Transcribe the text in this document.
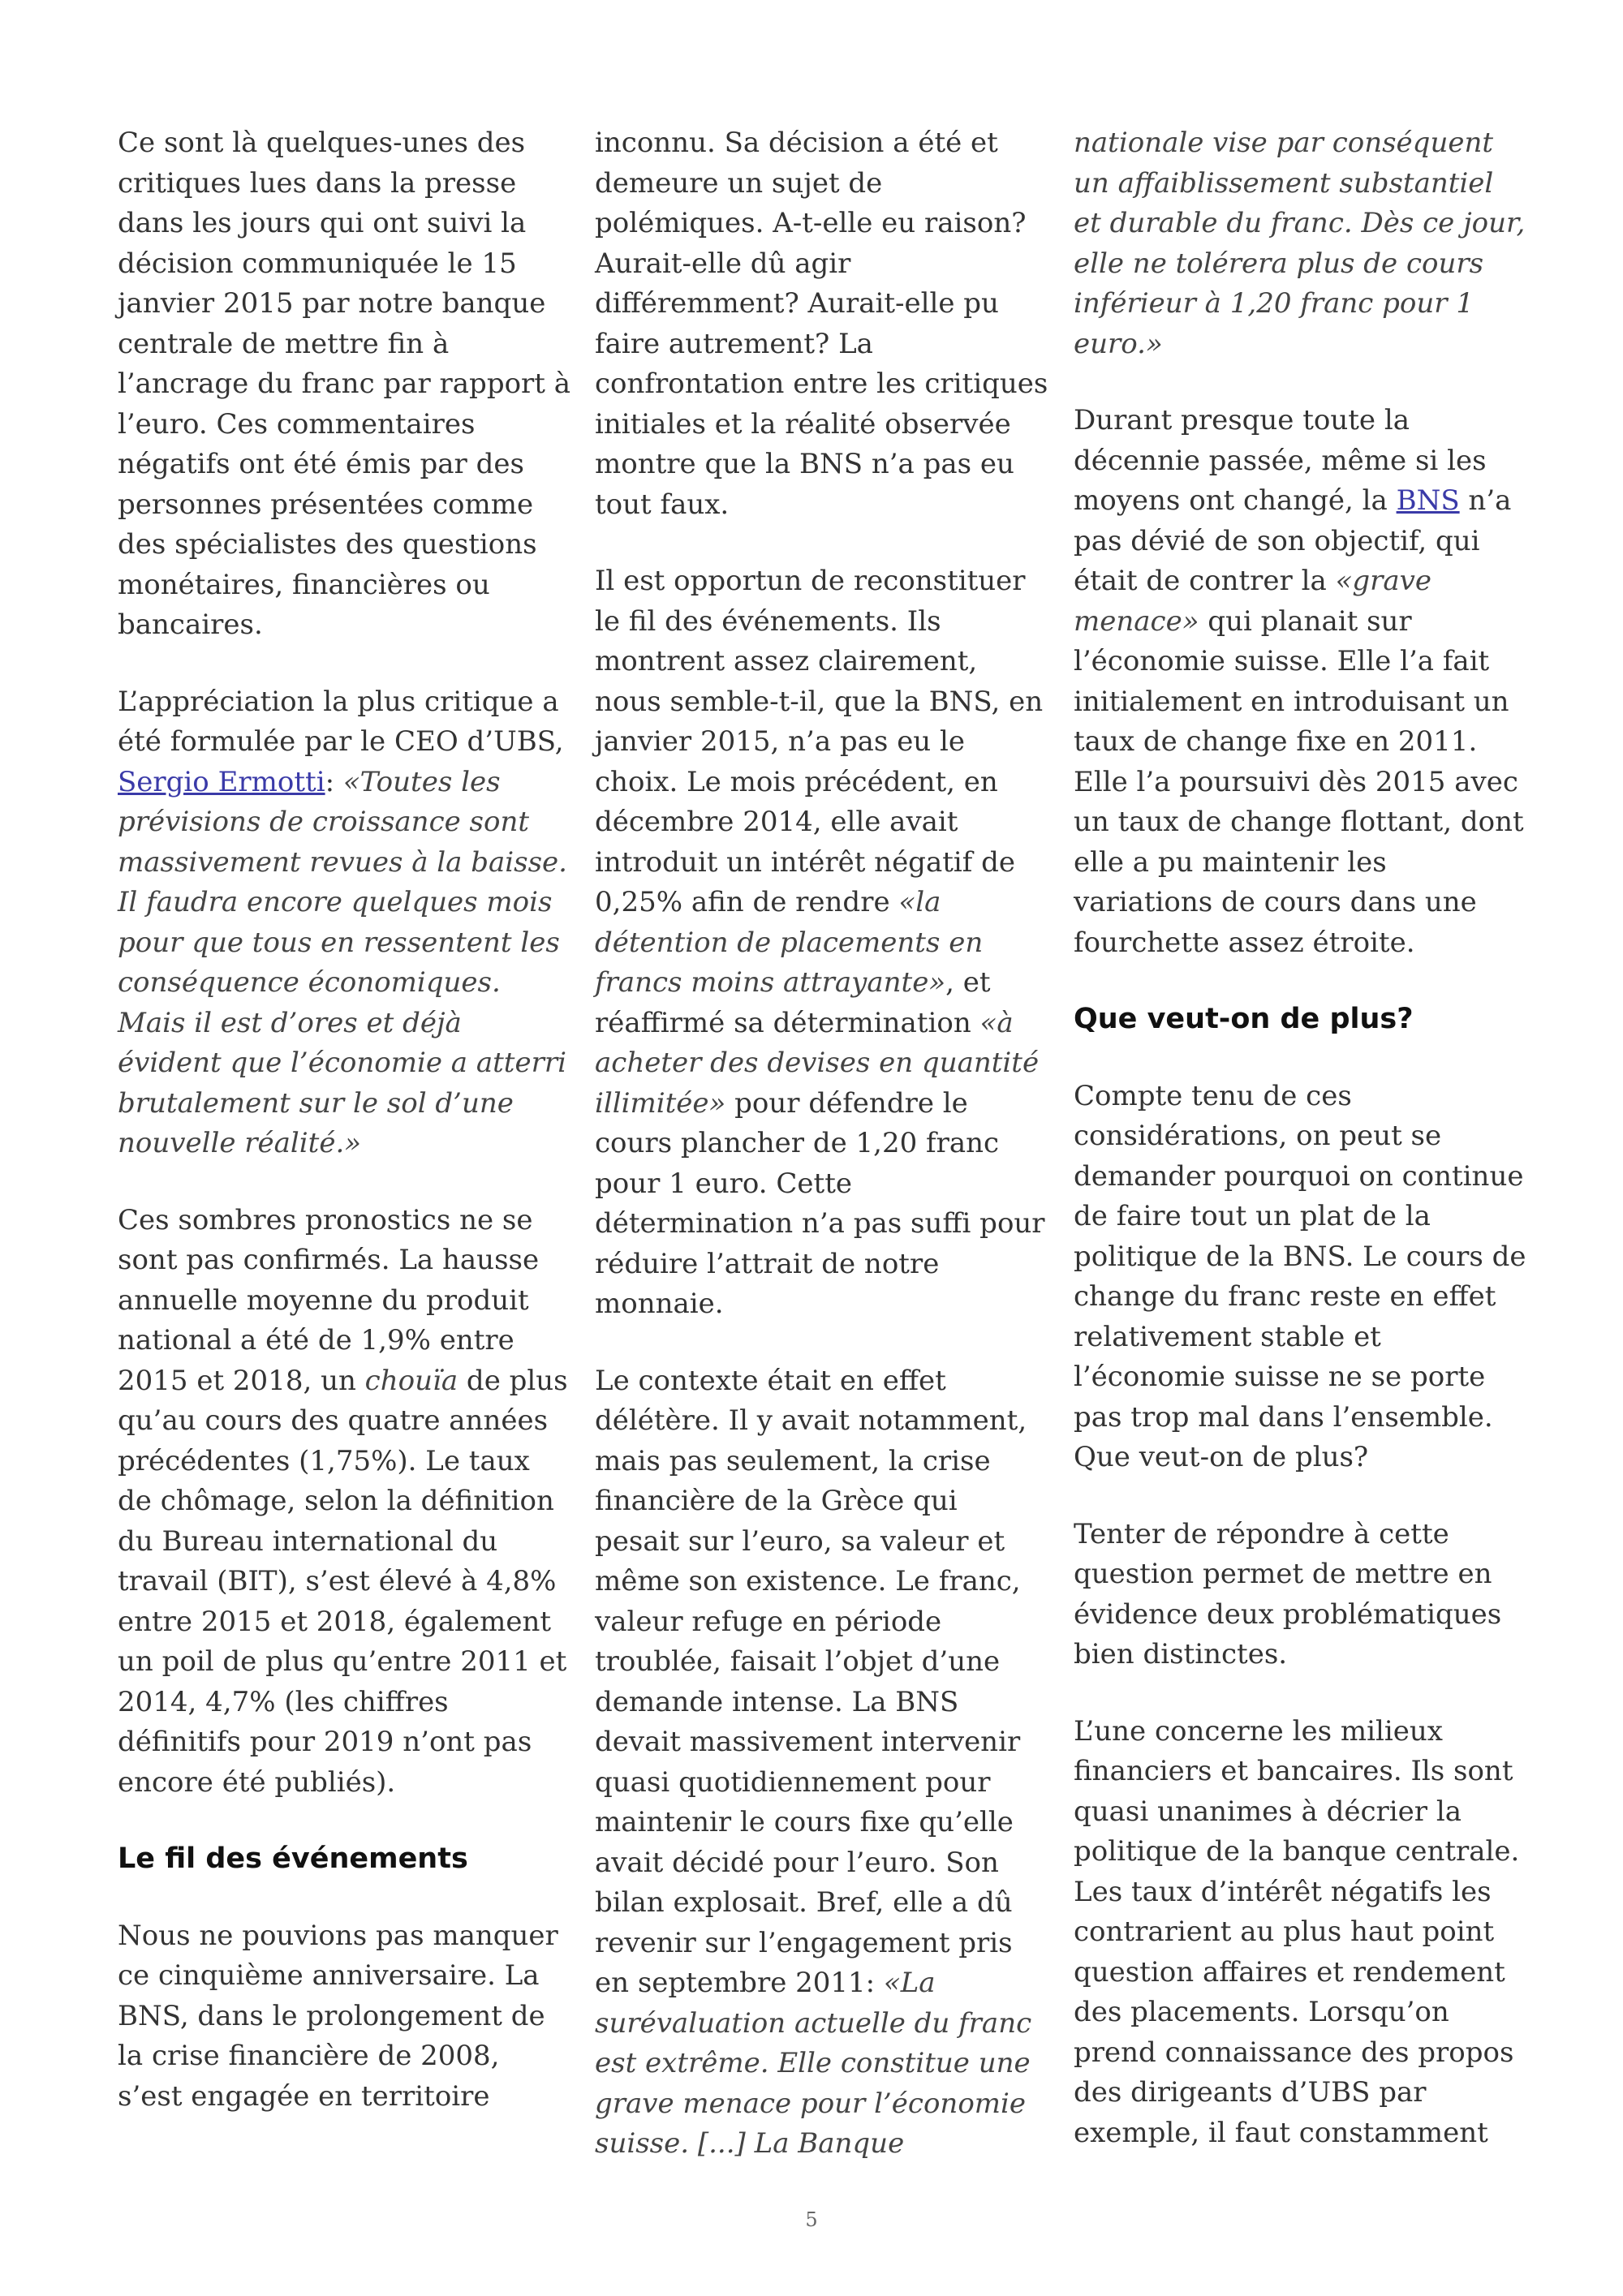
Ce sont là quelques-unes des critiques lues dans la presse dans les jours qui ont suivi la décision communiquée le 15 janvier 2015 par notre banque centrale de mettre fin à l’ancrage du franc par rapport à l’euro. Ces commentaires négatifs ont été émis par des personnes présentées comme des spécialistes des questions monétaires, financières ou bancaires.

L’appréciation la plus critique a été formulée par le CEO d’UBS, Sergio Ermotti: «Toutes les prévisions de croissance sont massivement revues à la baisse. Il faudra encore quelques mois pour que tous en ressentent les conséquence économiques. Mais il est d’ores et déjà évident que l’économie a atterri brutalement sur le sol d’une nouvelle réalité.»

Ces sombres pronostics ne se sont pas confirmés. La hausse annuelle moyenne du produit national a été de 1,9% entre 2015 et 2018, un chouïa de plus qu’au cours des quatre années précédentes (1,75%). Le taux de chômage, selon la définition du Bureau international du travail (BIT), s’est élevé à 4,8% entre 2015 et 2018, également un poil de plus qu’entre 2011 et 2014, 4,7% (les chiffres définitifs pour 2019 n’ont pas encore été publiés).

Le fil des événements

Nous ne pouvions pas manquer ce cinquième anniversaire. La BNS, dans le prolongement de la crise financière de 2008, s’est engagée en territoire

inconnu. Sa décision a été et demeure un sujet de polémiques. A-t-elle eu raison? Aurait-elle dû agir différemment? Aurait-elle pu faire autrement? La confrontation entre les critiques initiales et la réalité observée montre que la BNS n’a pas eu tout faux.

Il est opportun de reconstituer le fil des événements. Ils montrent assez clairement, nous semble-t-il, que la BNS, en janvier 2015, n’a pas eu le choix. Le mois précédent, en décembre 2014, elle avait introduit un intérêt négatif de 0,25% afin de rendre «la détention de placements en francs moins attrayante», et réaffirmé sa détermination «à acheter des devises en quantité illimitée» pour défendre le cours plancher de 1,20 franc pour 1 euro. Cette détermination n’a pas suffi pour réduire l’attrait de notre monnaie.

Le contexte était en effet délétère. Il y avait notamment, mais pas seulement, la crise financière de la Grèce qui pesait sur l’euro, sa valeur et même son existence. Le franc, valeur refuge en période troublée, faisait l’objet d’une demande intense. La BNS devait massivement intervenir quasi quotidiennement pour maintenir le cours fixe qu’elle avait décidé pour l’euro. Son bilan explosait. Bref, elle a dû revenir sur l’engagement pris en septembre 2011: «La surévaluation actuelle du franc est extrême. Elle constitue une grave menace pour l’économie suisse. [...] La Banque

nationale vise par conséquent un affaiblissement substantiel et durable du franc. Dès ce jour, elle ne tolérera plus de cours inférieur à 1,20 franc pour 1 euro.»

Durant presque toute la décennie passée, même si les moyens ont changé, la BNS n’a pas dévié de son objectif, qui était de contrer la «grave menace» qui planait sur l’économie suisse. Elle l’a fait initialement en introduisant un taux de change fixe en 2011. Elle l’a poursuivi dès 2015 avec un taux de change flottant, dont elle a pu maintenir les variations de cours dans une fourchette assez étroite.

Que veut-on de plus?

Compte tenu de ces considérations, on peut se demander pourquoi on continue de faire tout un plat de la politique de la BNS. Le cours de change du franc reste en effet relativement stable et l’économie suisse ne se porte pas trop mal dans l’ensemble. Que veut-on de plus?

Tenter de répondre à cette question permet de mettre en évidence deux problématiques bien distinctes.

L’une concerne les milieux financiers et bancaires. Ils sont quasi unanimes à décrier la politique de la banque centrale. Les taux d’intérêt négatifs les contrarient au plus haut point question affaires et rendement des placements. Lorsqu’on prend connaissance des propos des dirigeants d’UBS par exemple, il faut constamment

5
